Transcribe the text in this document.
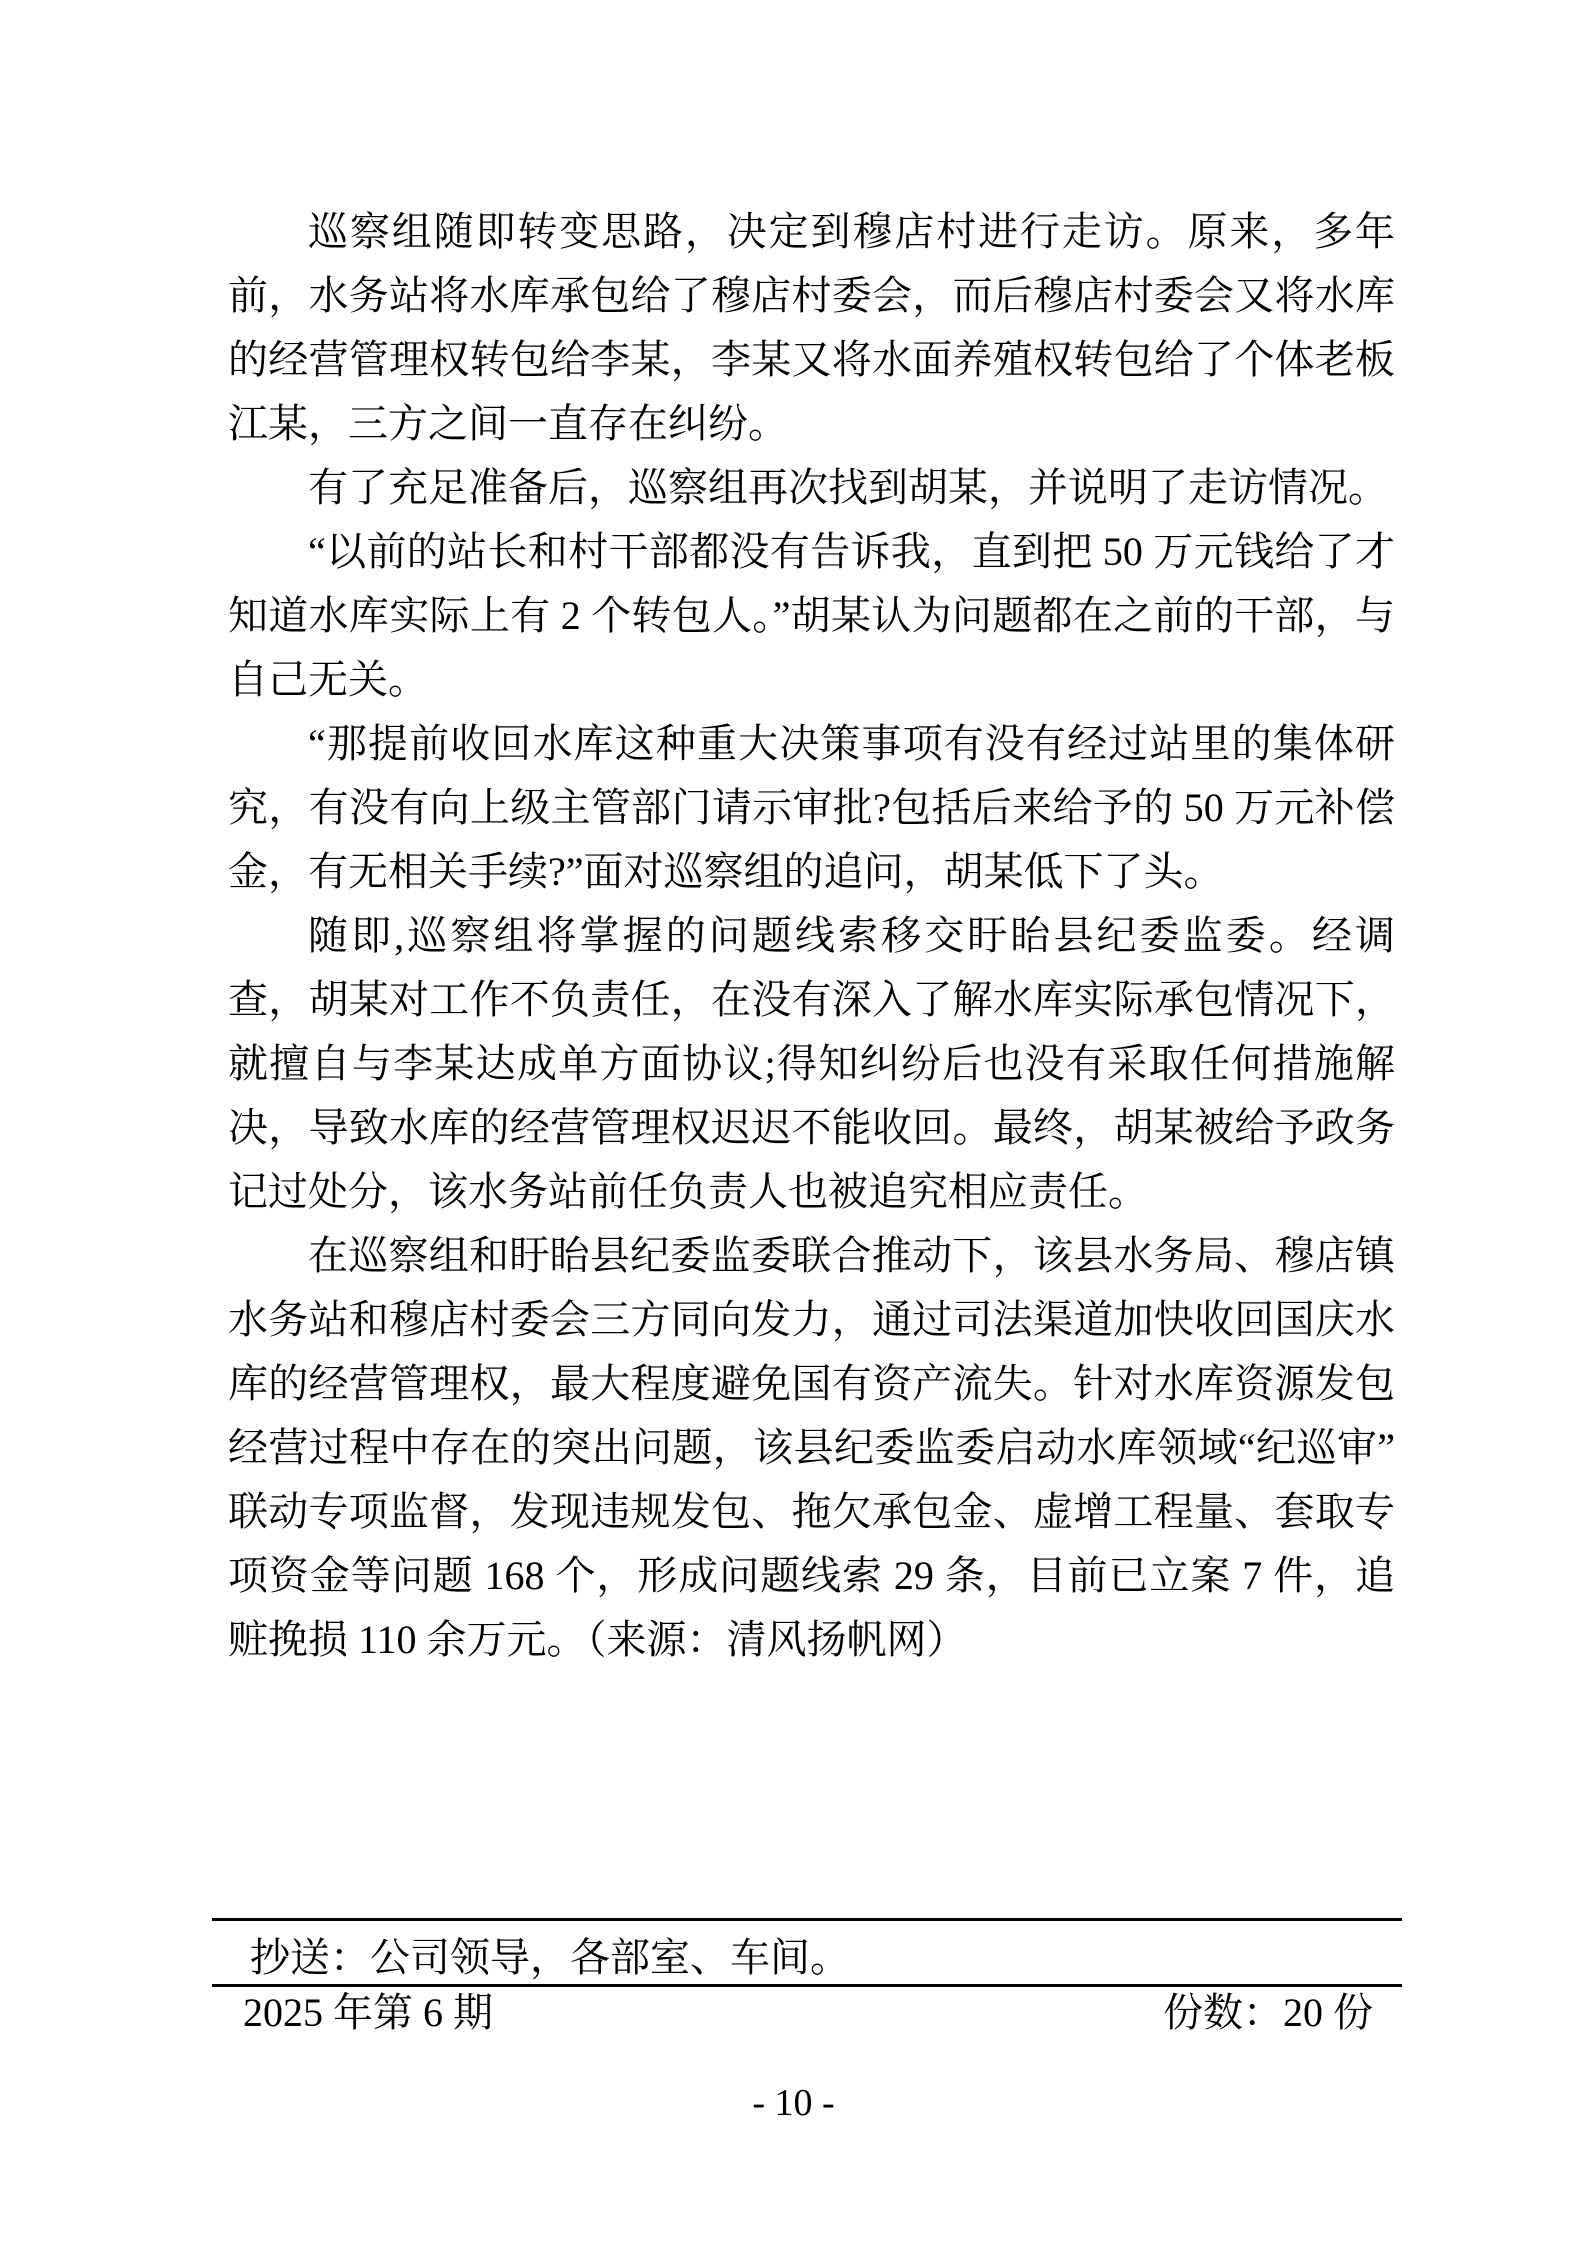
巡察组随即转变思路，决定到穆店村进行走访。原来，多年前，水务站将水库承包给了穆店村委会，而后穆店村委会又将水库的经营管理权转包给李某，李某又将水面养殖权转包给了个体老板江某，三方之间一直存在纠纷。

有了充足准备后，巡察组再次找到胡某，并说明了走访情况。

“以前的站长和村干部都没有告诉我，直到把 50 万元钱给了才知道水库实际上有 2 个转包人。”胡某认为问题都在之前的干部，与自己无关。

“那提前收回水库这种重大决策事项有没有经过站里的集体研究，有没有向上级主管部门请示审批?包括后来给予的 50 万元补偿金，有无相关手续?”面对巡察组的追问，胡某低下了头。

随即,巡察组将掌握的问题线索移交盱眙县纪委监委。经调查，胡某对工作不负责任，在没有深入了解水库实际承包情况下，就擅自与李某达成单方面协议;得知纠纷后也没有采取任何措施解决，导致水库的经营管理权迟迟不能收回。最终，胡某被给予政务记过处分，该水务站前任负责人也被追究相应责任。

在巡察组和盱眙县纪委监委联合推动下，该县水务局、穆店镇水务站和穆店村委会三方同向发力，通过司法渠道加快收回国庆水库的经营管理权，最大程度避免国有资产流失。针对水库资源发包经营过程中存在的突出问题，该县纪委监委启动水库领域“纪巡审”联动专项监督，发现违规发包、拖欠承包金、虚增工程量、套取专项资金等问题 168 个，形成问题线索 29 条，目前已立案 7 件，追赃挽损 110 余万元。（来源：清风扬帆网）

抄送：公司领导，各部室、车间。
2025 年第 6 期	份数：20 份
- 10 -
